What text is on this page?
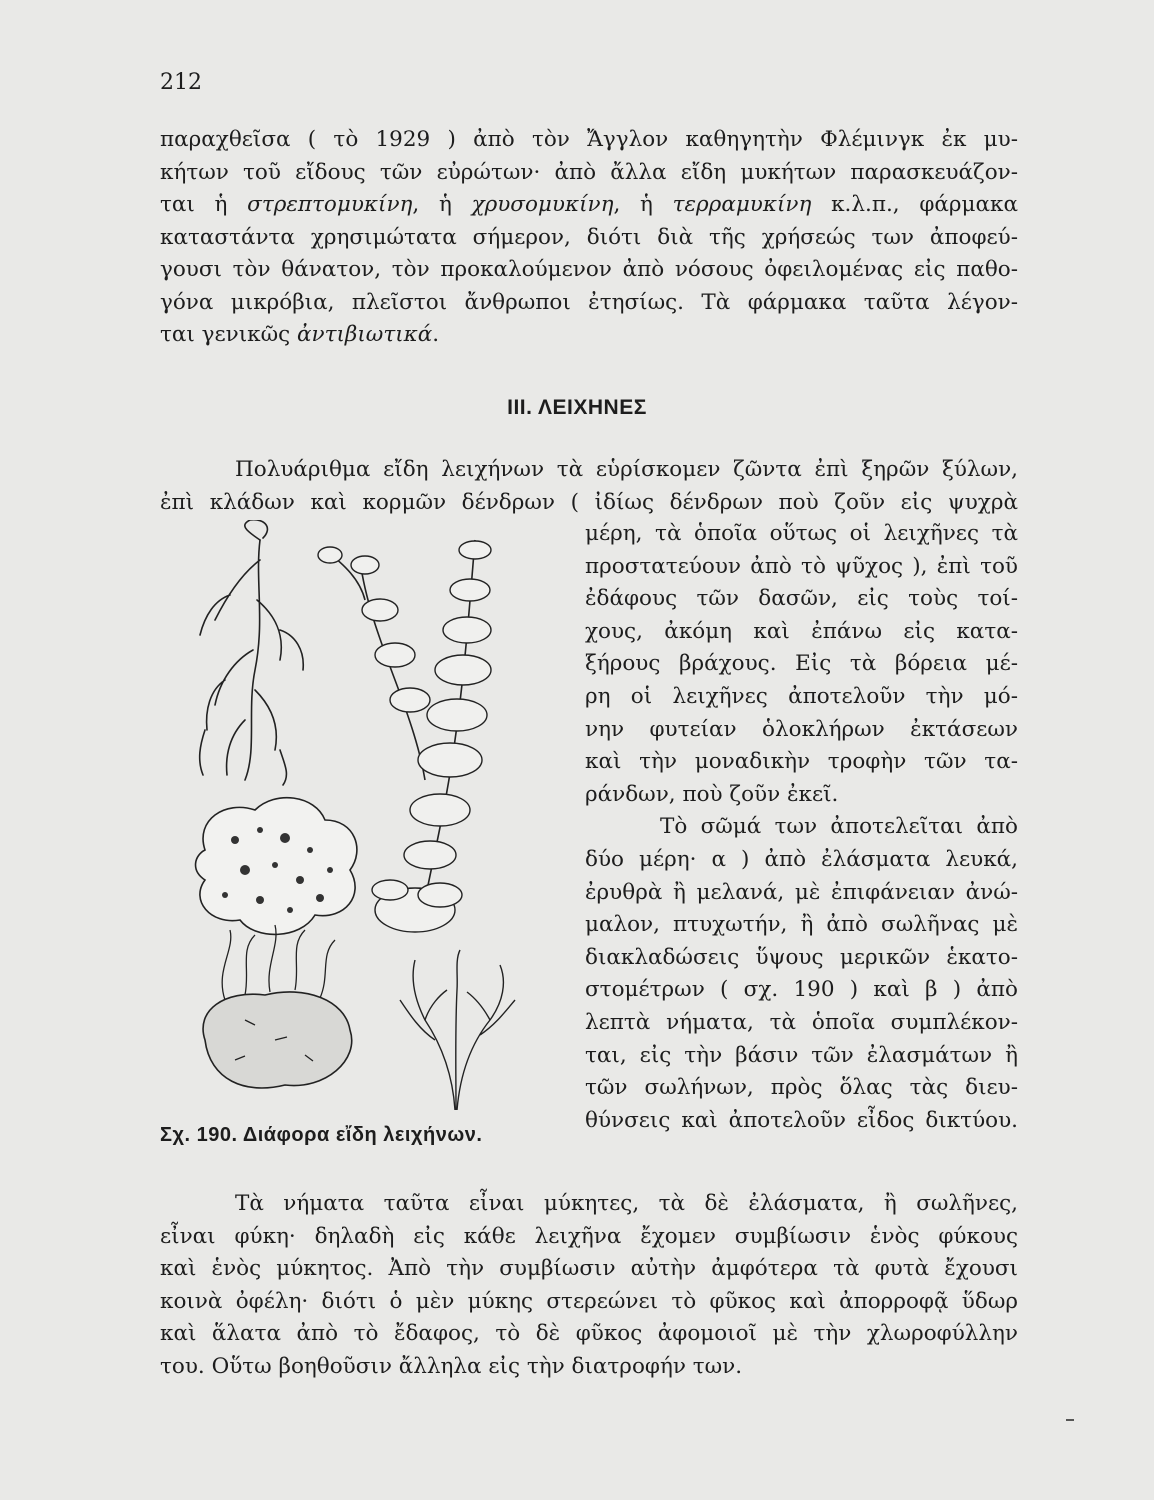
212
παραχθεῖσα ( τὸ 1929 ) ἀπὸ τὸν Ἄγγλον καθηγητὴν Φλέμινγκ ἐκ μυ-
κήτων τοῦ εἴδους τῶν εὐρώτων· ἀπὸ ἄλλα εἴδη μυκήτων παρασκευάζον-
ται ἡ στρεπτομυκίνη, ἡ χρυσομυκίνη, ἡ τερραμυκίνη κ.λ.π., φάρμακα
καταστάντα χρησιμώτατα σήμερον, διότι διὰ τῆς χρήσεώς των ἀποφεύ-
γουσι τὸν θάνατον, τὸν προκαλούμενον ἀπὸ νόσους ὀφειλομένας εἰς παθο-
γόνα μικρόβια, πλεῖστοι ἄνθρωποι ἐτησίως. Τὰ φάρμακα ταῦτα λέγον-
ται γενικῶς ἀντιβιωτικά.
ΙΙΙ. ΛΕΙΧΗΝΕΣ
Πολυάριθμα εἴδη λειχήνων τὰ εὑρίσκομεν ζῶντα ἐπὶ ξηρῶν ξύλων,
ἐπὶ κλάδων καὶ κορμῶν δένδρων ( ἰδίως δένδρων ποὺ ζοῦν εἰς ψυχρὰ
μέρη, τὰ ὁποῖα οὕτως οἱ λειχῆνες τὰ
προστατεύουν ἀπὸ τὸ ψῦχος ), ἐπὶ τοῦ
ἐδάφους τῶν δασῶν, εἰς τοὺς τοί-
χους, ἀκόμη καὶ ἐπάνω εἰς κατα-
ξήρους βράχους. Εἰς τὰ βόρεια μέ-
ρη οἱ λειχῆνες ἀποτελοῦν τὴν μό-
νην φυτείαν ὁλοκλήρων ἐκτάσεων
καὶ τὴν μοναδικὴν τροφὴν τῶν τα-
ράνδων, ποὺ ζοῦν ἐκεῖ.
Τὸ σῶμά των ἀποτελεῖται ἀπὸ
δύο μέρη· α ) ἀπὸ ἐλάσματα λευκά,
ἐρυθρὰ ἢ μελανά, μὲ ἐπιφάνειαν ἀνώ-
μαλον, πτυχωτήν, ἢ ἀπὸ σωλῆνας μὲ
διακλαδώσεις ὕψους μερικῶν ἑκατο-
στομέτρων ( σχ. 190 ) καὶ β ) ἀπὸ
λεπτὰ νήματα, τὰ ὁποῖα συμπλέκον-
ται, εἰς τὴν βάσιν τῶν ἐλασμάτων ἢ
τῶν σωλήνων, πρὸς ὅλας τὰς διευ-
θύνσεις καὶ ἀποτελοῦν εἶδος δικτύου.
Σχ. 190. Διάφορα εἴδη λειχήνων.
Τὰ νήματα ταῦτα εἶναι μύκητες, τὰ δὲ ἐλάσματα, ἢ σωλῆνες,
εἶναι φύκη· δηλαδὴ εἰς κάθε λειχῆνα ἔχομεν συμβίωσιν ἑνὸς φύκους
καὶ ἑνὸς μύκητος. Ἀπὸ τὴν συμβίωσιν αὐτὴν ἀμφότερα τὰ φυτὰ ἔχουσι
κοινὰ ὀφέλη· διότι ὁ μὲν μύκης στερεώνει τὸ φῦκος καὶ ἀπορροφᾷ ὕδωρ
καὶ ἅλατα ἀπὸ τὸ ἔδαφος, τὸ δὲ φῦκος ἀφομοιοῖ μὲ τὴν χλωροφύλλην
του. Οὕτω βοηθοῦσιν ἄλληλα εἰς τὴν διατροφήν των.
